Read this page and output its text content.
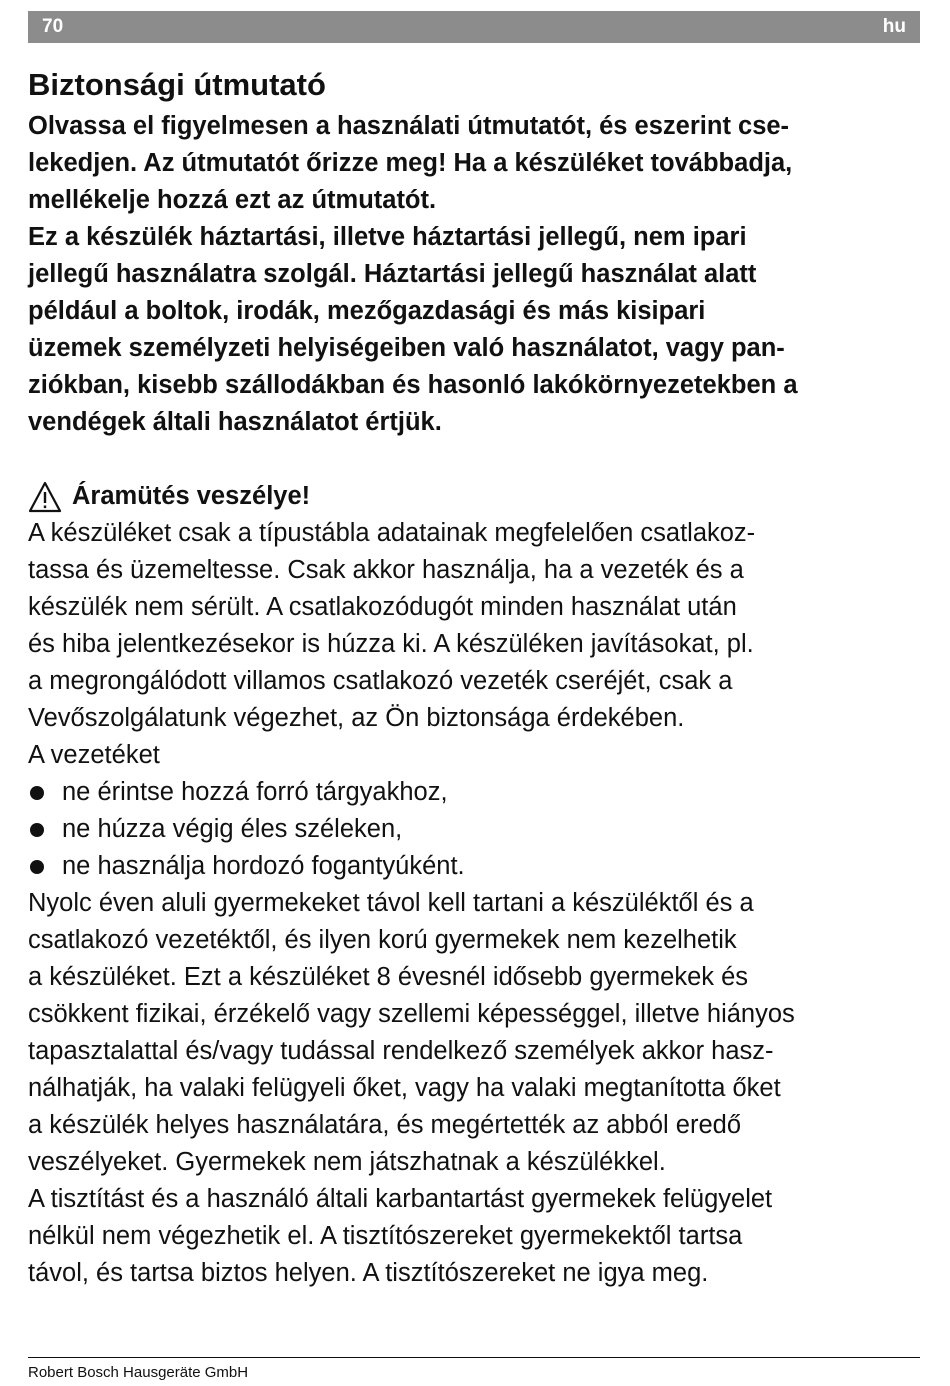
70	hu
Biztonsági útmutató
Olvassa el figyelmesen a használati útmutatót, és eszerint cse-
lekedjen. Az útmutatót őrizze meg! Ha a készüléket továbbadja,
mellékelje hozzá ezt az útmutatót.
Ez a készülék háztartási, illetve háztartási jellegű, nem ipari
jellegű használatra szolgál. Háztartási jellegű használat alatt
például a boltok, irodák, mezőgazdasági és más kisipari
üzemek személyzeti helyiségeiben való használatot, vagy pan-
ziókban, kisebb szállodákban és hasonló lakókörnyezetekben a
vendégek általi használatot értjük.
Áramütés veszélye!
A készüléket csak a típustábla adatainak megfelelően csatlakoz-
tassa és üzemeltesse. Csak akkor használja, ha a vezeték és a
készülék nem sérült. A csatlakozódugót minden használat után
és hiba jelentkezésekor is húzza ki. A készüléken javításokat, pl.
a megrongálódott villamos csatlakozó vezeték cseréjét, csak a
Vevőszolgálatunk végezhet, az Ön biztonsága érdekében.
A vezetéket
ne érintse hozzá forró tárgyakhoz,
ne húzza végig éles széleken,
ne használja hordozó fogantyúként.
Nyolc éven aluli gyermekeket távol kell tartani a készüléktől és a
csatlakozó vezetéktől, és ilyen korú gyermekek nem kezelhetik
a készüléket. Ezt a készüléket 8 évesnél idősebb gyermekek és
csökkent fizikai, érzékelő vagy szellemi képességgel, illetve hiányos
tapasztalattal és/vagy tudással rendelkező személyek akkor hasz-
nálhatják, ha valaki felügyeli őket, vagy ha valaki megtanította őket
a készülék helyes használatára, és megértették az abból eredő
veszélyeket. Gyermekek nem játszhatnak a készülékkel.
A tisztítást és a használó általi karbantartást gyermekek felügyelet
nélkül nem végezhetik el. A tisztítószereket gyermekektől tartsa
távol, és tartsa biztos helyen. A tisztítószereket ne igya meg.
Robert Bosch Hausgeräte GmbH
